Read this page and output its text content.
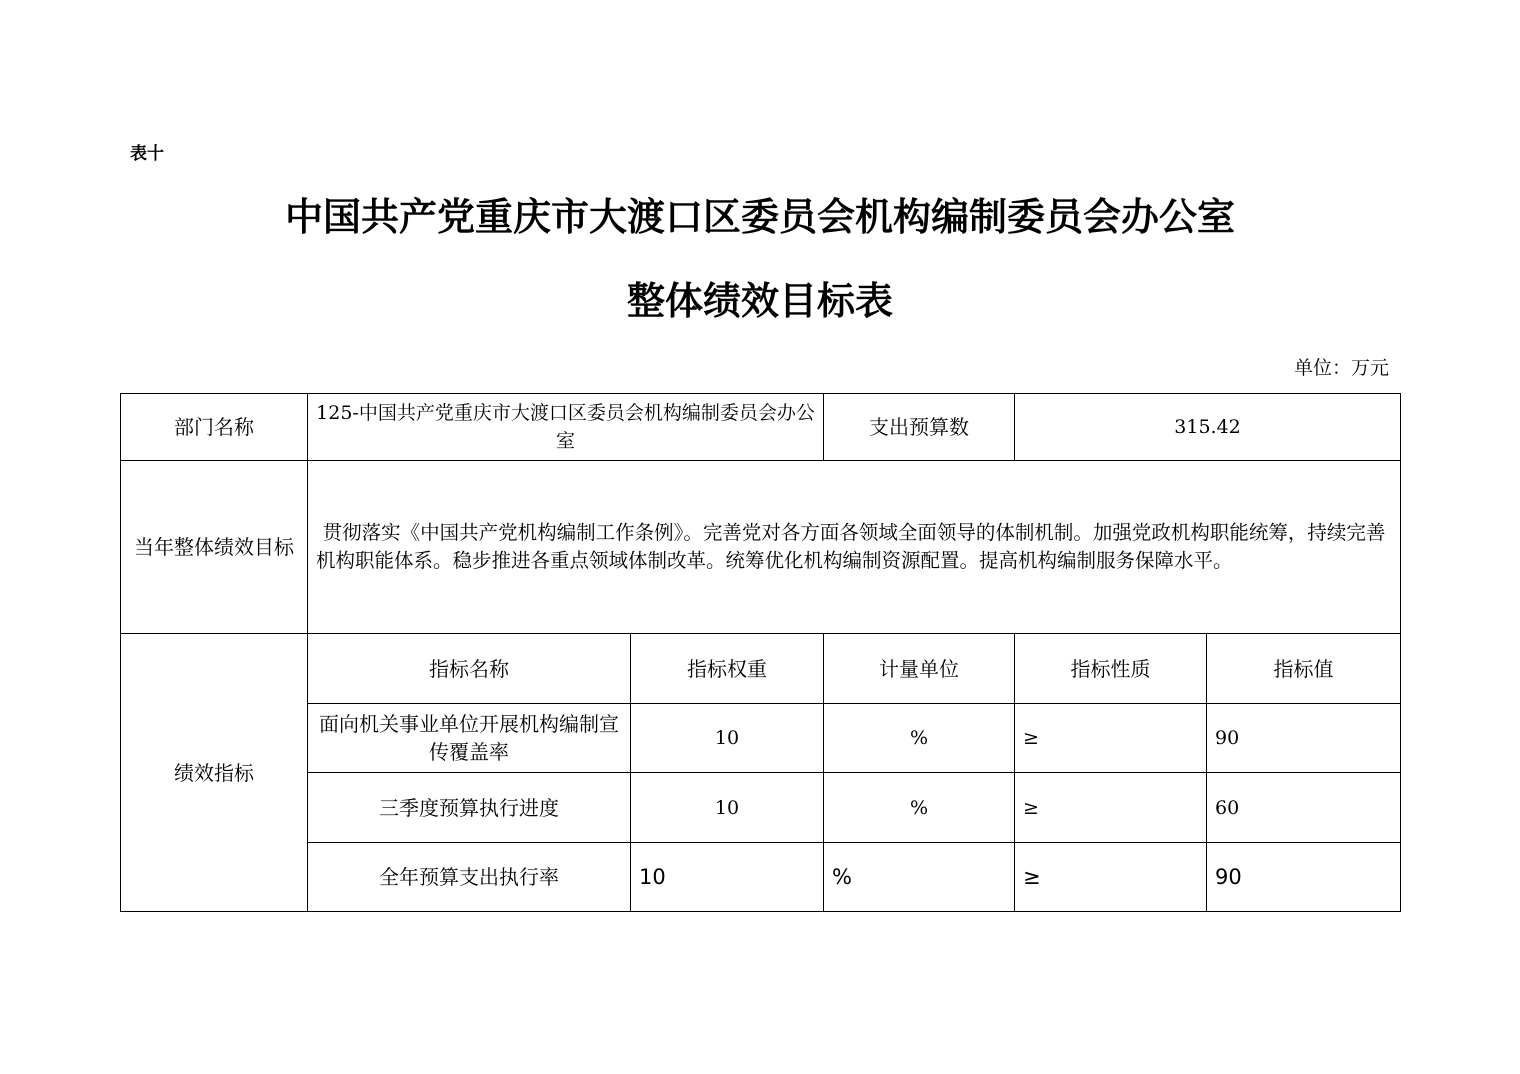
表十
中国共产党重庆市大渡口区委员会机构编制委员会办公室
整体绩效目标表
单位：万元
部门名称	125-中国共产党重庆市大渡口区委员会机构编制委员会办公室		支出预算数	315.42	
当年整体绩效目标	贯彻落实《中国共产党机构编制工作条例》。完善党对各方面各领域全面领导的体制机制。加强党政机构职能统筹，持续完善机构职能体系。稳步推进各重点领域体制改革。统筹优化机构编制资源配置。提高机构编制服务保障水平。				
绩效指标	指标名称	指标权重	计量单位	指标性质	指标值
	面向机关事业单位开展机构编制宣传覆盖率	10	%	≥	90
	三季度预算执行进度	10	%	≥	60
	全年预算支出执行率	10	%	≥	90
